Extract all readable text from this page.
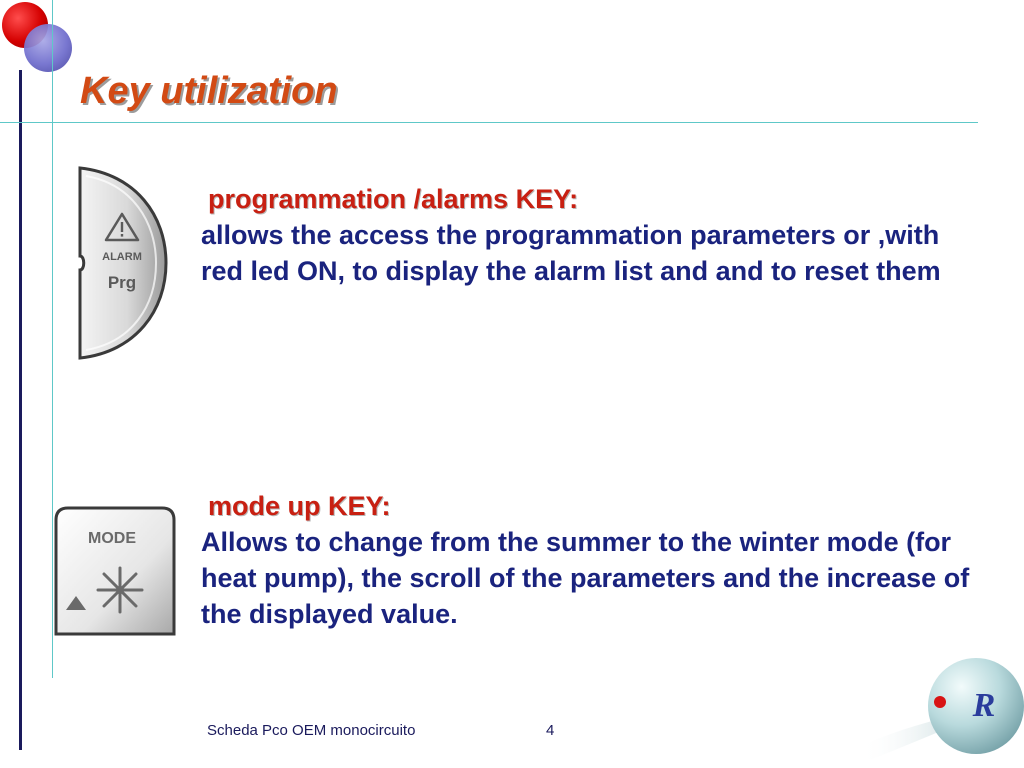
Key utilization
ALARM
Prg

programmation /alarms KEY:

allows the access the programmation parameters or ,with red led ON, to display the alarm list and and to reset them

MODE

mode up KEY:

Allows to change from the summer to the winter mode (for heat pump), the scroll of the parameters and the increase of the displayed value.

Scheda Pco OEM monocircuito	4
R
